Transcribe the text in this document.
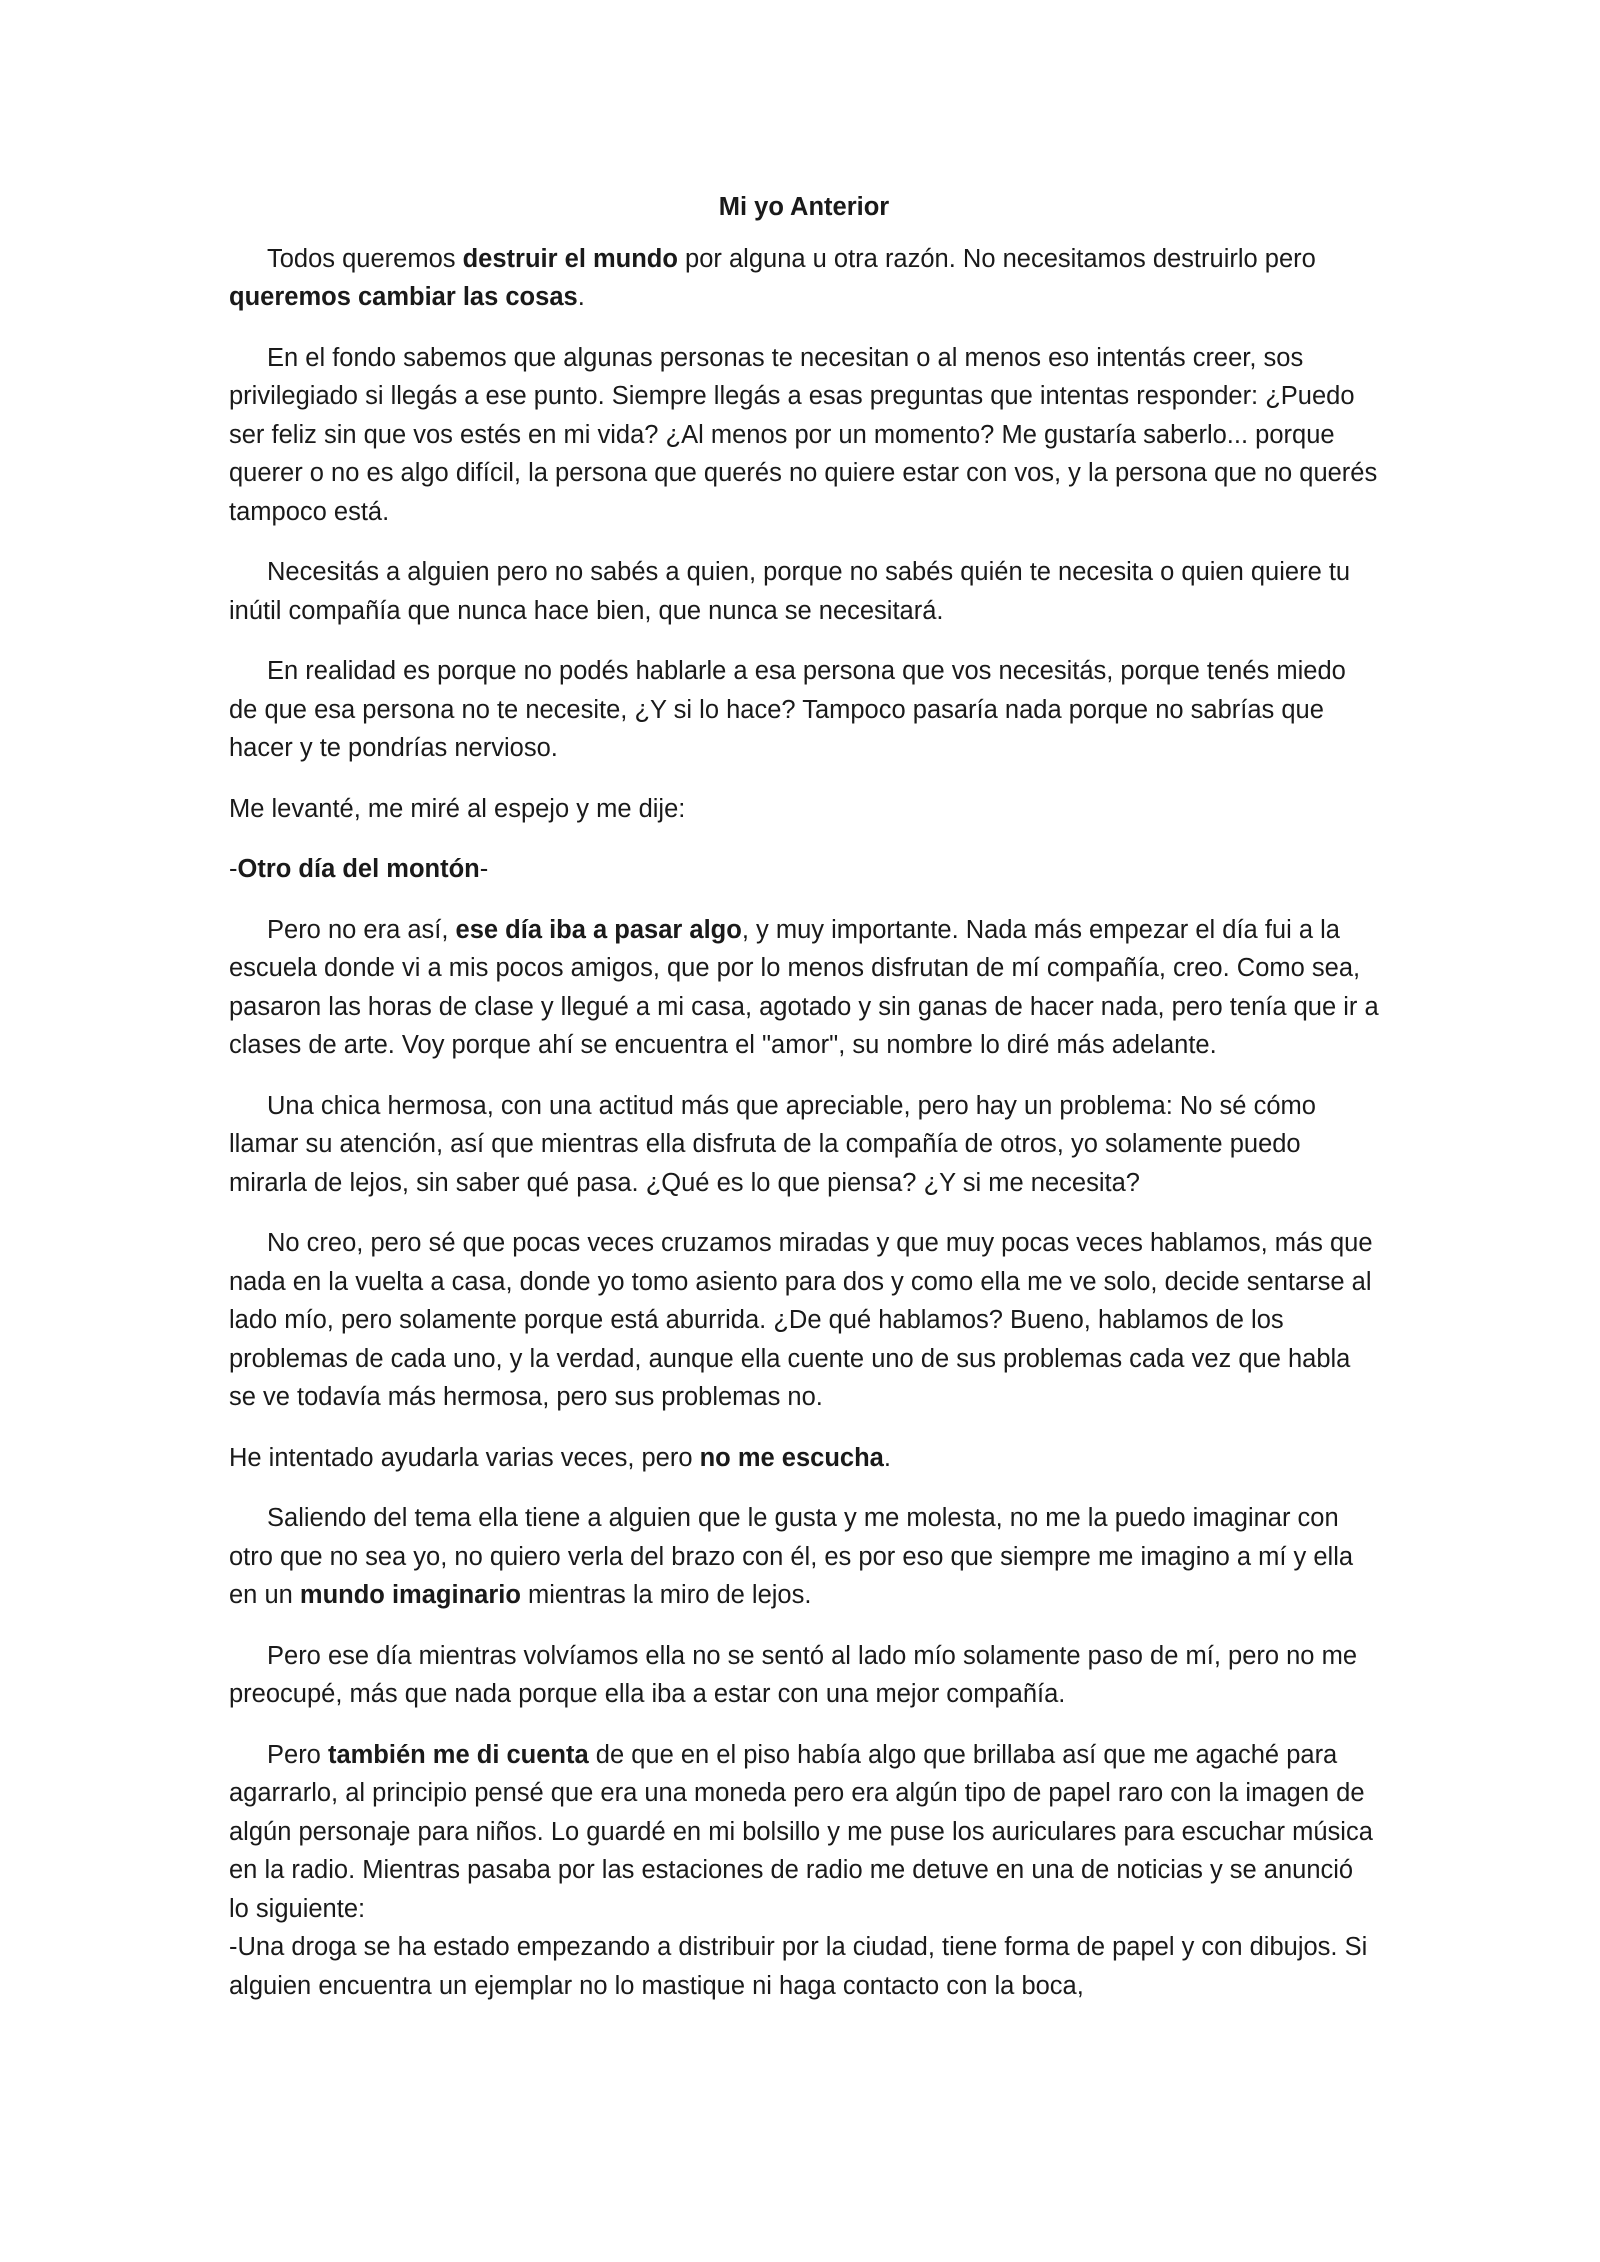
Mi yo Anterior

Todos queremos destruir el mundo por alguna u otra razón. No necesitamos destruirlo pero queremos cambiar las cosas.

En el fondo sabemos que algunas personas te necesitan o al menos eso intentás creer, sos privilegiado si llegás a ese punto. Siempre llegás a esas preguntas que intentas responder: ¿Puedo ser feliz sin que vos estés en mi vida? ¿Al menos por un momento? Me gustaría saberlo... porque querer o no es algo difícil, la persona que querés no quiere estar con vos, y la persona que no querés tampoco está.

Necesitás a alguien pero no sabés a quien, porque no sabés quién te necesita o quien quiere tu inútil compañía que nunca hace bien, que nunca se necesitará.

En realidad es porque no podés hablarle a esa persona que vos necesitás, porque tenés miedo de que esa persona no te necesite, ¿Y si lo hace? Tampoco pasaría nada porque no sabrías que hacer y te pondrías nervioso.

Me levanté, me miré al espejo y me dije:

-Otro día del montón-

Pero no era así, ese día iba a pasar algo, y muy importante. Nada más empezar el día fui a la escuela donde vi a mis pocos amigos, que por lo menos disfrutan de mí compañía, creo. Como sea, pasaron las horas de clase y llegué a mi casa, agotado y sin ganas de hacer nada, pero tenía que ir a clases de arte. Voy porque ahí se encuentra el "amor", su nombre lo diré más adelante.

Una chica hermosa, con una actitud más que apreciable, pero hay un problema: No sé cómo llamar su atención, así que mientras ella disfruta de la compañía de otros, yo solamente puedo mirarla de lejos, sin saber qué pasa. ¿Qué es lo que piensa? ¿Y si me necesita?

No creo, pero sé que pocas veces cruzamos miradas y que muy pocas veces hablamos, más que nada en la vuelta a casa, donde yo tomo asiento para dos y como ella me ve solo, decide sentarse al lado mío, pero solamente porque está aburrida. ¿De qué hablamos? Bueno, hablamos de los problemas de cada uno, y la verdad, aunque ella cuente uno de sus problemas cada vez que habla se ve todavía más hermosa, pero sus problemas no.

He intentado ayudarla varias veces, pero no me escucha.

Saliendo del tema ella tiene a alguien que le gusta y me molesta, no me la puedo imaginar con otro que no sea yo, no quiero verla del brazo con él, es por eso que siempre me imagino a mí y ella en un mundo imaginario mientras la miro de lejos.

Pero ese día mientras volvíamos ella no se sentó al lado mío solamente paso de mí, pero no me preocupé, más que nada porque ella iba a estar con una mejor compañía.

Pero también me di cuenta de que en el piso había algo que brillaba así que me agaché para agarrarlo, al principio pensé que era una moneda pero era algún tipo de papel raro con la imagen de algún personaje para niños. Lo guardé en mi bolsillo y me puse los auriculares para escuchar música en la radio. Mientras pasaba por las estaciones de radio me detuve en una de noticias y se anunció lo siguiente:

-Una droga se ha estado empezando a distribuir por la ciudad, tiene forma de papel y con dibujos. Si alguien encuentra un ejemplar no lo mastique ni haga contacto con la boca,
